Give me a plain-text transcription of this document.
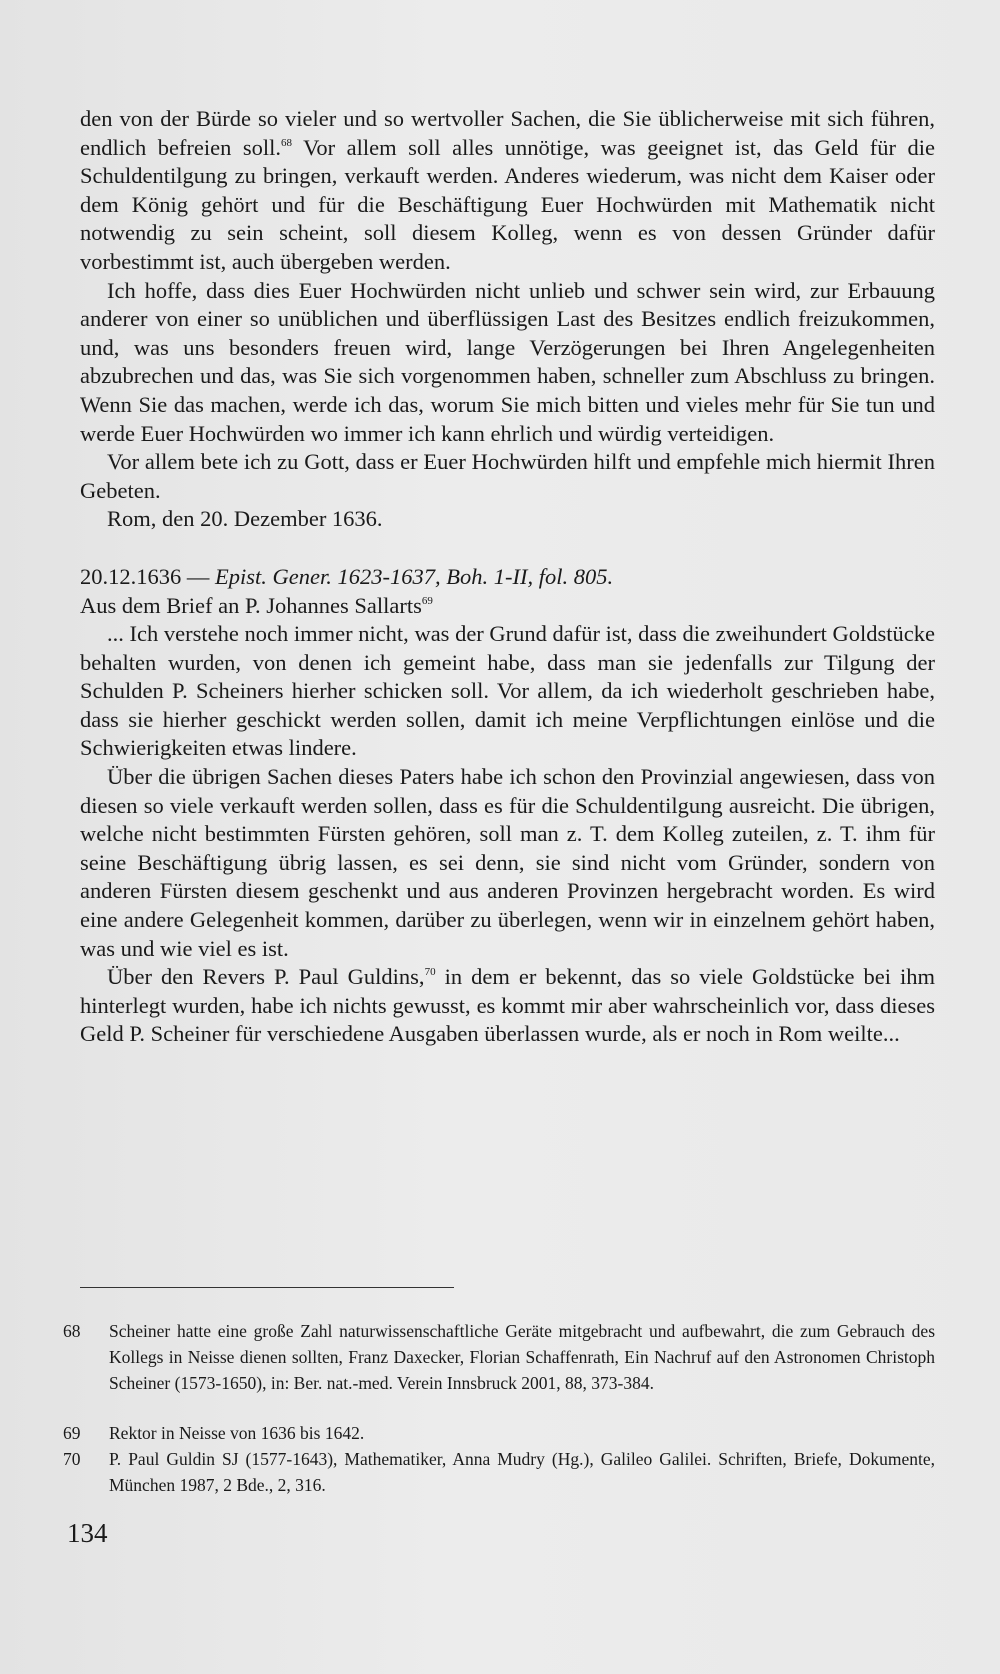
den von der Bürde so vieler und so wertvoller Sachen, die Sie üblicherweise mit sich führen, endlich befreien soll.$^{68}$ Vor allem soll alles unnötige, was geeignet ist, das Geld für die Schuldentilgung zu bringen, verkauft werden. Anderes wiederum, was nicht dem Kaiser oder dem König gehört und für die Beschäftigung Euer Hochwürden mit Mathematik nicht notwendig zu sein scheint, soll diesem Kolleg, wenn es von dessen Gründer dafür vorbestimmt ist, auch übergeben werden.

Ich hoffe, dass dies Euer Hochwürden nicht unlieb und schwer sein wird, zur Erbauung anderer von einer so unüblichen und überflüssigen Last des Besitzes endlich freizukommen, und, was uns besonders freuen wird, lange Verzögerungen bei Ihren Angelegenheiten abzubrechen und das, was Sie sich vorgenommen haben, schneller zum Abschluss zu bringen. Wenn Sie das machen, werde ich das, worum Sie mich bitten und vieles mehr für Sie tun und werde Euer Hochwürden wo immer ich kann ehrlich und würdig verteidigen.

Vor allem bete ich zu Gott, dass er Euer Hochwürden hilft und empfehle mich hiermit Ihren Gebeten.

Rom, den 20. Dezember 1636.

20.12.1636 — Epist. Gener. 1623-1637, Boh. 1-II, fol. 805.

Aus dem Brief an P. Johannes Sallarts$^{69}$

... Ich verstehe noch immer nicht, was der Grund dafür ist, dass die zweihundert Goldstücke behalten wurden, von denen ich gemeint habe, dass man sie jedenfalls zur Tilgung der Schulden P. Scheiners hierher schicken soll. Vor allem, da ich wiederholt geschrieben habe, dass sie hierher geschickt werden sollen, damit ich meine Verpflichtungen einlöse und die Schwierigkeiten etwas lindere.

Über die übrigen Sachen dieses Paters habe ich schon den Provinzial angewiesen, dass von diesen so viele verkauft werden sollen, dass es für die Schuldentilgung ausreicht. Die übrigen, welche nicht bestimmten Fürsten gehören, soll man z. T. dem Kolleg zuteilen, z. T. ihm für seine Beschäftigung übrig lassen, es sei denn, sie sind nicht vom Gründer, sondern von anderen Fürsten diesem geschenkt und aus anderen Provinzen hergebracht worden. Es wird eine andere Gelegenheit kommen, darüber zu überlegen, wenn wir in einzelnem gehört haben, was und wie viel es ist.

Über den Revers P. Paul Guldins,$^{70}$ in dem er bekennt, das so viele Goldstücke bei ihm hinterlegt wurden, habe ich nichts gewusst, es kommt mir aber wahrscheinlich vor, dass dieses Geld P. Scheiner für verschiedene Ausgaben überlassen wurde, als er noch in Rom weilte...

68	Scheiner hatte eine große Zahl naturwissenschaftliche Geräte mitgebracht und aufbewahrt, die zum Gebrauch des Kollegs in Neisse dienen sollten, Franz Daxecker, Florian Schaffenrath, Ein Nachruf auf den Astronomen Christoph Scheiner (1573-1650), in: Ber. nat.-med. Verein Innsbruck 2001, 88, 373-384.
69	Rektor in Neisse von 1636 bis 1642.
70	P. Paul Guldin SJ (1577-1643), Mathematiker, Anna Mudry (Hg.), Galileo Galilei. Schriften, Briefe, Dokumente, München 1987, 2 Bde., 2, 316.
134
